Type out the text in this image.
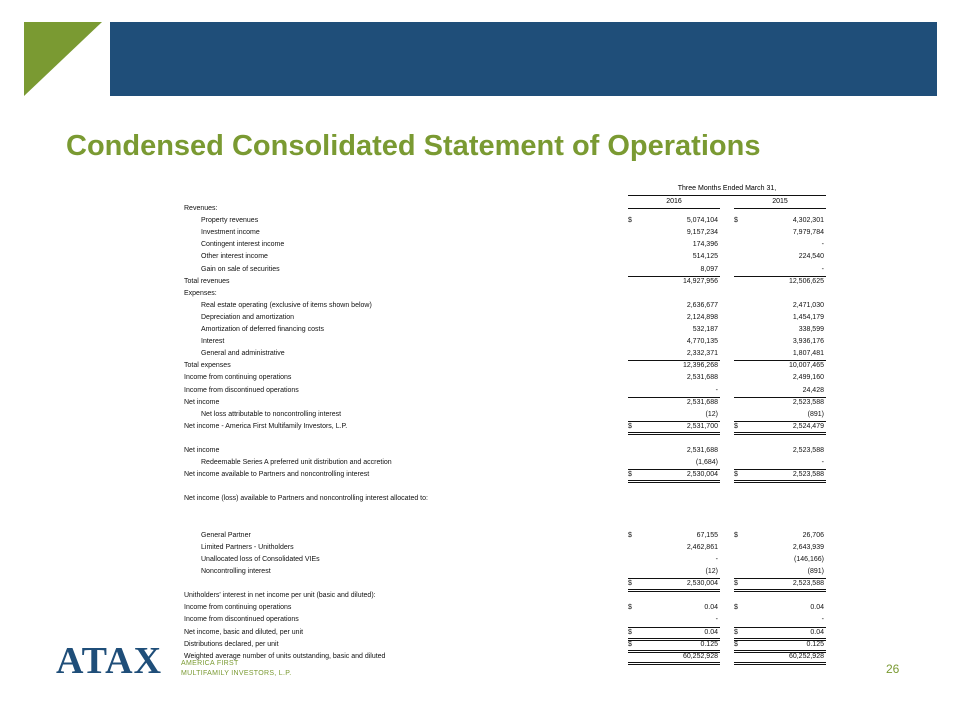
Condensed Consolidated Statement of Operations
Three Months Ended March 31,
2016	2015
Revenues:
Property revenues	$	5,074,104 $	4,302,301
Investment income	9,157,234	7,979,784
Contingent interest income	174,396	-
Other interest income	514,125	224,540
Gain on sale of securities	8,097	-
Total revenues	14,927,956	12,506,625
Expenses:
Real estate operating (exclusive of items shown below)	2,636,677	2,471,030
Depreciation and amortization	2,124,898	1,454,179
Amortization of deferred financing costs	532,187	338,599
Interest	4,770,135	3,936,176
General and administrative	2,332,371	1,807,481
Total expenses	12,396,268	10,007,465
Income from continuing operations	2,531,688	2,499,160
Income from discontinued operations	-	24,428
Net income	2,531,688	2,523,588
Net loss attributable to noncontrolling interest	(12)	(891)
Net income - America First Multifamily Investors, L.P.	$	2,531,700 $	2,524,479
Net income	2,531,688	2,523,588
Redeemable Series A preferred unit distribution and accretion	(1,684)	-
Net income available to Partners and noncontrolling interest	$	2,530,004 $	2,523,588
Net income (loss) available to Partners and noncontrolling interest allocated to:
General Partner	$	67,155 $	26,706
Limited Partners - Unitholders	2,462,861	2,643,939
Unallocated loss of Consolidated VIEs	-	(146,166)
Noncontrolling interest	(12)	(891)
$	2,530,004 $	2,523,588
Unitholders' interest in net income per unit (basic and diluted):
Income from continuing operations	$	0.04 $	0.04
Income from discontinued operations	-	-
Net income, basic and diluted, per unit	$	0.04 $	0.04
Distributions declared, per unit	$	0.125 $	0.125
Weighted average number of units outstanding, basic and diluted	60,252,928	60,252,928
ATAX	AMERICA FIRST
MULTIFAMILY INVESTORS, L.P.	26
